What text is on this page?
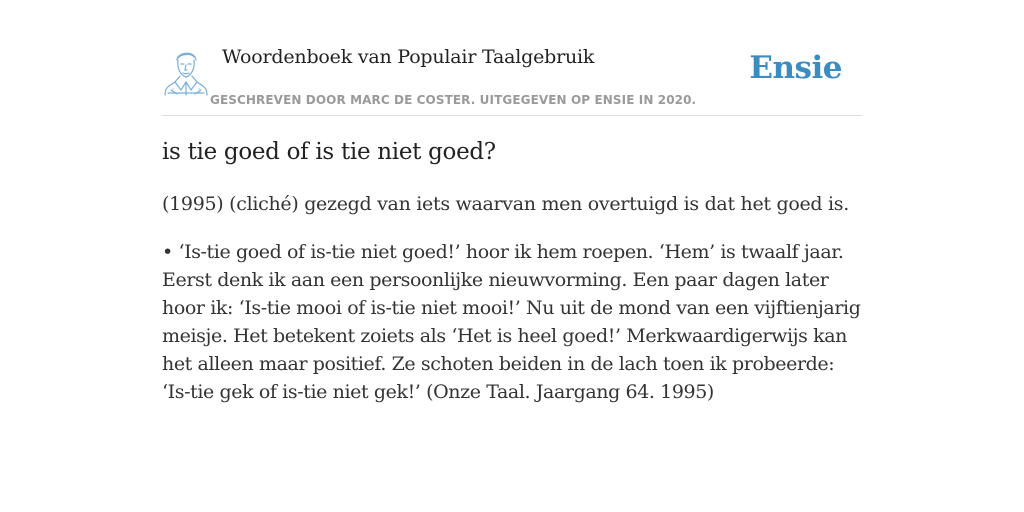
Woordenboek van Populair Taalgebruik
GESCHREVEN DOOR MARC DE COSTER. UITGEGEVEN OP ENSIE IN 2020.
Ensie
is tie goed of is tie niet goed?
(1995) (cliché) gezegd van iets waarvan men overtuigd is dat het goed is.
• ‘Is-tie goed of is-tie niet goed!’ hoor ik hem roepen. ‘Hem’ is twaalf jaar. Eerst denk ik aan een persoonlijke nieuwvorming. Een paar dagen later hoor ik: ‘Is-tie mooi of is-tie niet mooi!’ Nu uit de mond van een vijftienjarig meisje. Het betekent zoiets als ‘Het is heel goed!’ Merkwaardigerwijs kan het alleen maar positief. Ze schoten beiden in de lach toen ik probeerde: ‘Is-tie gek of is-tie niet gek!’ (Onze Taal. Jaargang 64. 1995)
